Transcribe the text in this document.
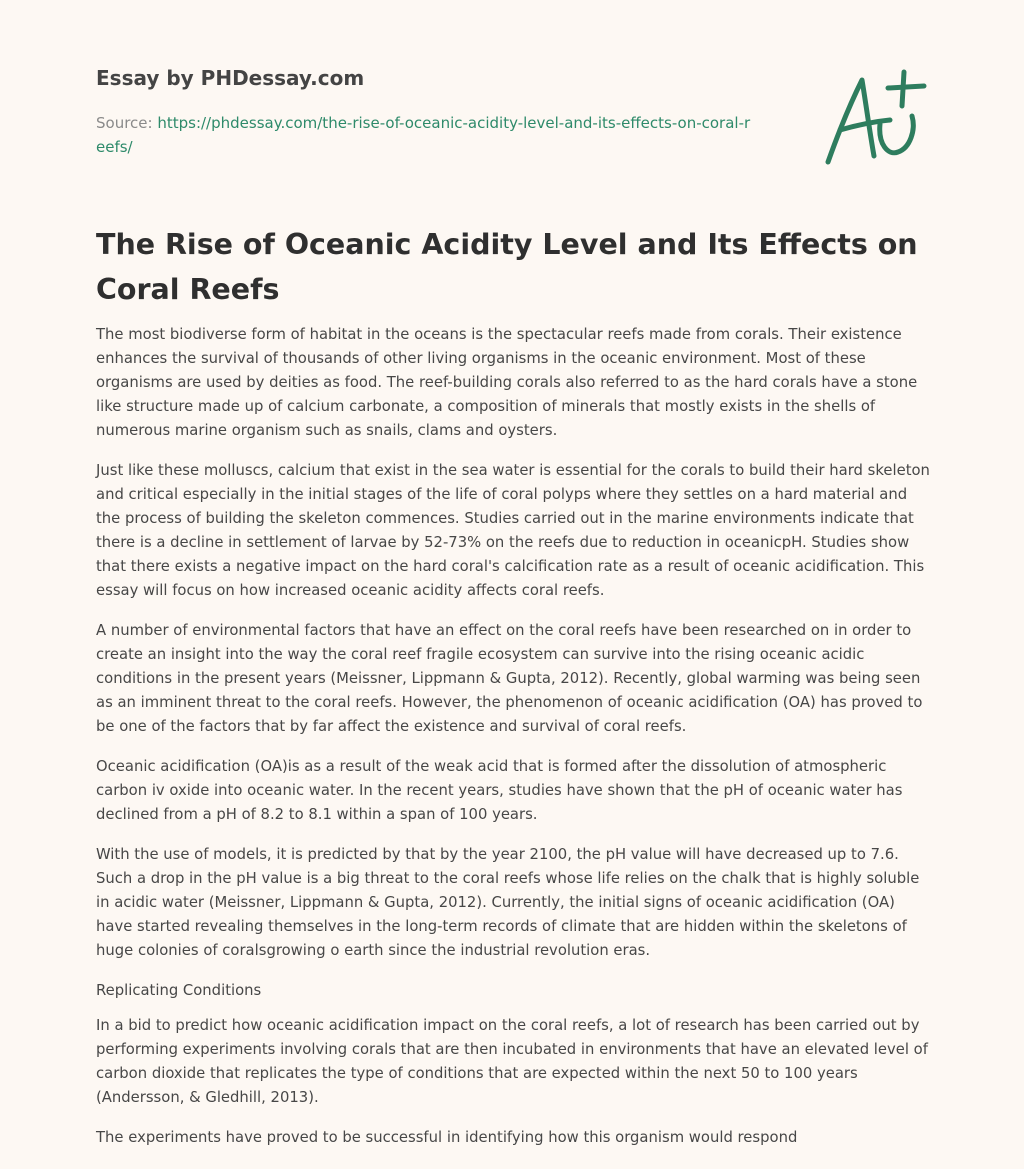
Essay by PHDessay.com

Source: https://phdessay.com/the-rise-of-oceanic-acidity-level-and-its-effects-on-coral-reefs/

The Rise of Oceanic Acidity Level and Its Effects on Coral Reefs

The most biodiverse form of habitat in the oceans is the spectacular reefs made from corals. Their existence enhances the survival of thousands of other living organisms in the oceanic environment. Most of these organisms are used by deities as food. The reef-building corals also referred to as the hard corals have a stone like structure made up of calcium carbonate, a composition of minerals that mostly exists in the shells of numerous marine organism such as snails, clams and oysters.

Just like these molluscs, calcium that exist in the sea water is essential for the corals to build their hard skeleton and critical especially in the initial stages of the life of coral polyps where they settles on a hard material and the process of building the skeleton commences. Studies carried out in the marine environments indicate that there is a decline in settlement of larvae by 52-73% on the reefs due to reduction in oceanicpH. Studies show that there exists a negative impact on the hard coral's calcification rate as a result of oceanic acidification. This essay will focus on how increased oceanic acidity affects coral reefs.

A number of environmental factors that have an effect on the coral reefs have been researched on in order to create an insight into the way the coral reef fragile ecosystem can survive into the rising oceanic acidic conditions in the present years (Meissner, Lippmann & Gupta, 2012). Recently, global warming was being seen as an imminent threat to the coral reefs. However, the phenomenon of oceanic acidification (OA) has proved to be one of the factors that by far affect the existence and survival of coral reefs.

Oceanic acidification (OA)is as a result of the weak acid that is formed after the dissolution of atmospheric carbon iv oxide into oceanic water. In the recent years, studies have shown that the pH of oceanic water has declined from a pH of 8.2 to 8.1 within a span of 100 years.

With the use of models, it is predicted by that by the year 2100, the pH value will have decreased up to 7.6. Such a drop in the pH value is a big threat to the coral reefs whose life relies on the chalk that is highly soluble in acidic water (Meissner, Lippmann & Gupta, 2012). Currently, the initial signs of oceanic acidification (OA) have started revealing themselves in the long-term records of climate that are hidden within the skeletons of huge colonies of coralsgrowing o earth since the industrial revolution eras.

Replicating Conditions

In a bid to predict how oceanic acidification impact on the coral reefs, a lot of research has been carried out by performing experiments involving corals that are then incubated in environments that have an elevated level of carbon dioxide that replicates the type of conditions that are expected within the next 50 to 100 years (Andersson, & Gledhill, 2013).

The experiments have proved to be successful in identifying how this organism would respond
